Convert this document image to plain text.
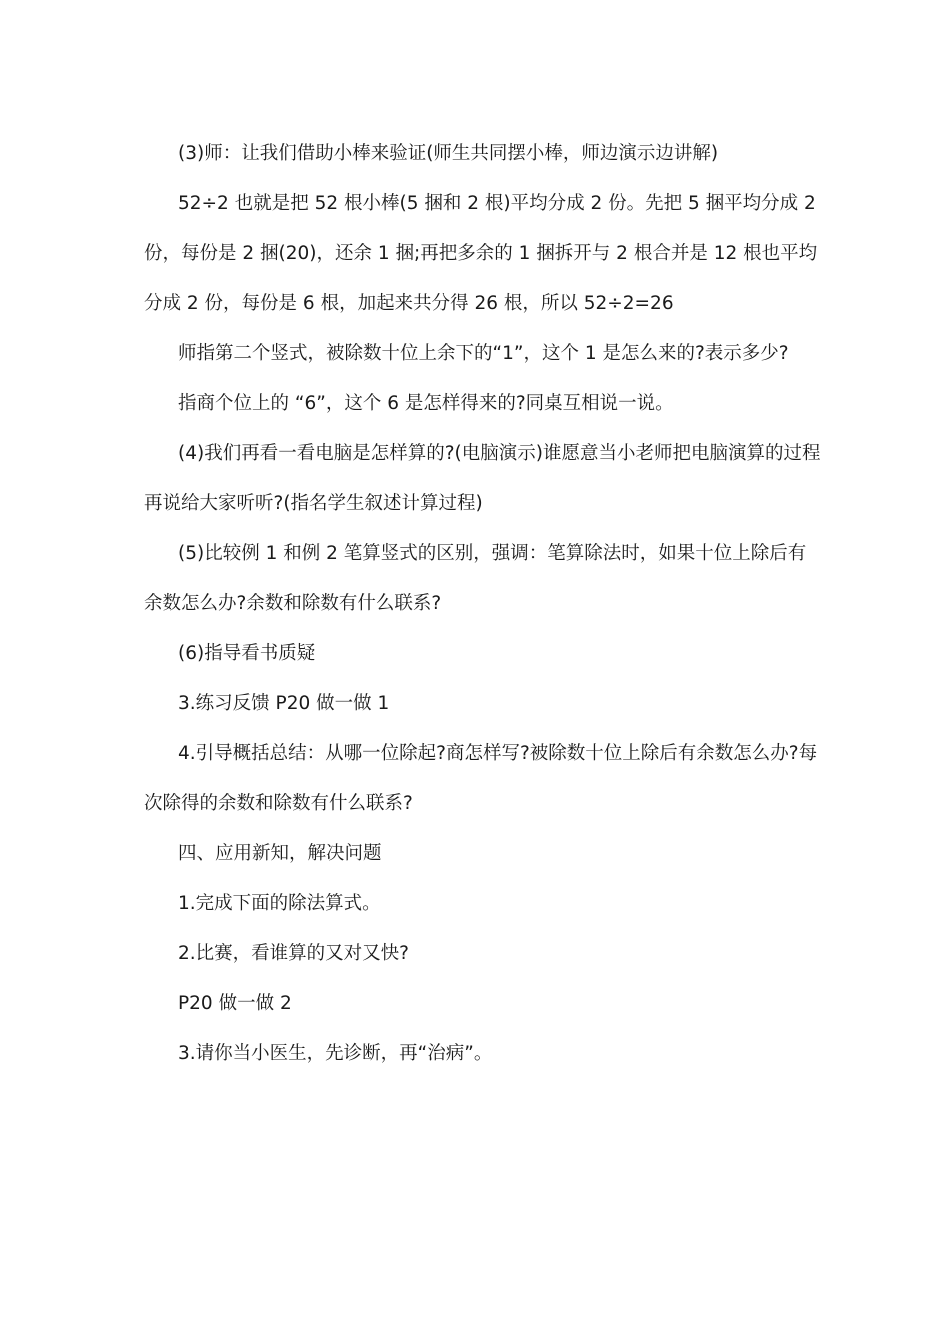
(3)师：让我们借助小棒来验证(师生共同摆小棒，师边演示边讲解)

52÷2 也就是把 52 根小棒(5 捆和 2 根)平均分成 2 份。先把 5 捆平均分成 2 份，每份是 2 捆(20)，还余 1 捆;再把多余的 1 捆拆开与 2 根合并是 12 根也平均分成 2 份，每份是 6 根，加起来共分得 26 根，所以 52÷2=26

师指第二个竖式，被除数十位上余下的“1”，这个 1 是怎么来的?表示多少?

指商个位上的 “6”，这个 6 是怎样得来的?同桌互相说一说。

(4)我们再看一看电脑是怎样算的?(电脑演示)谁愿意当小老师把电脑演算的过程再说给大家听听?(指名学生叙述计算过程)

(5)比较例 1 和例 2 笔算竖式的区别，强调：笔算除法时，如果十位上除后有余数怎么办?余数和除数有什么联系?

(6)指导看书质疑

3.练习反馈 P20 做一做 1

4.引导概括总结：从哪一位除起?商怎样写?被除数十位上除后有余数怎么办?每次除得的余数和除数有什么联系?

四、应用新知，解决问题

1.完成下面的除法算式。

2.比赛，看谁算的又对又快?

P20 做一做 2

3.请你当小医生，先诊断，再“治病”。
